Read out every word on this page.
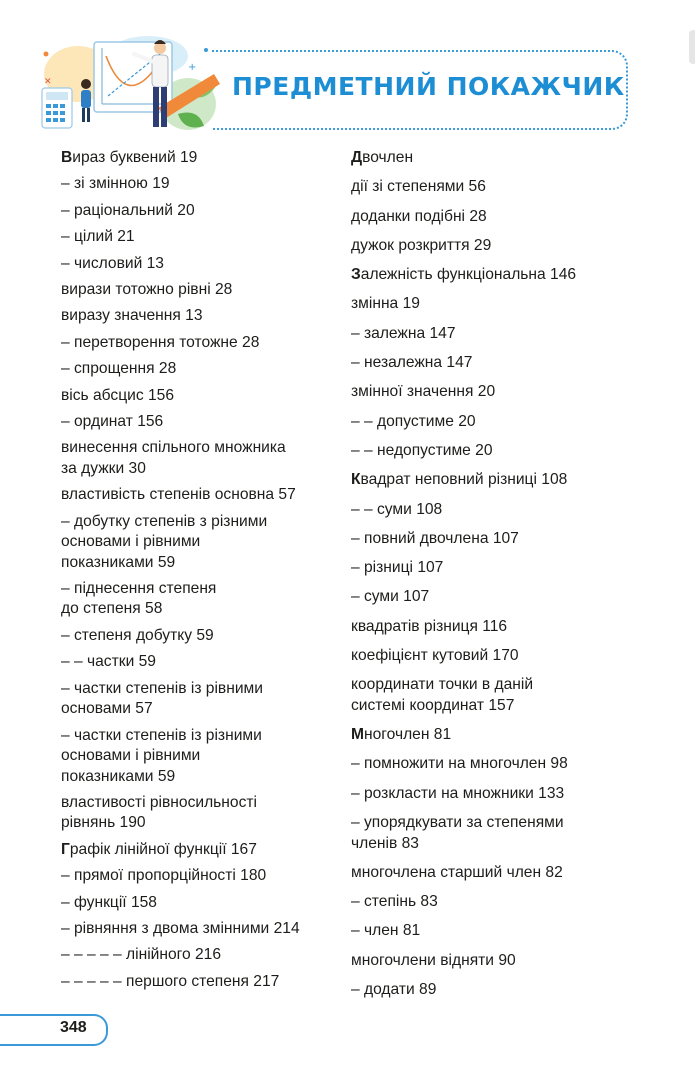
✕
+
ПРЕДМЕТНИЙ ПОКАЖЧИК
Вираз буквений 19
– зі змінною 19
– раціональний 20
– цілий 21
– числовий 13
вирази тотожно рівні 28
виразу значення 13
– перетворення тотожне 28
– спрощення 28
вісь абсцис 156
– ординат 156
винесення спільного множника
за дужки 30
властивість степенів основна 57
– добутку степенів з різними
основами і рівними
показниками 59
– піднесення степеня
до степеня 58
– степеня добутку 59
– – частки 59
– частки степенів із рівними
основами 57
– частки степенів із різними
основами і рівними
показниками 59
властивості рівносильності
рівнянь 190
Графік лінійної функції 167
– прямої пропорційності 180
– функції 158
– рівняння з двома змінними 214
– – – – – лінійного 216
– – – – – першого степеня 217
Двочлен
дії зі степенями 56
доданки подібні 28
дужок розкриття 29
Залежність функціональна 146
змінна 19
– залежна 147
– незалежна 147
змінної значення 20
– – допустиме 20
– – недопустиме 20
Квадрат неповний різниці 108
– – суми 108
– повний двочлена 107
– різниці 107
– суми 107
квадратів різниця 116
коефіцієнт кутовий 170
координати точки в даній
системі координат 157
Многочлен 81
– помножити на многочлен 98
– розкласти на множники 133
– упорядкувати за степенями
членів 83
многочлена старший член 82
– степінь 83
– член 81
многочлени відняти 90
– додати 89
348
